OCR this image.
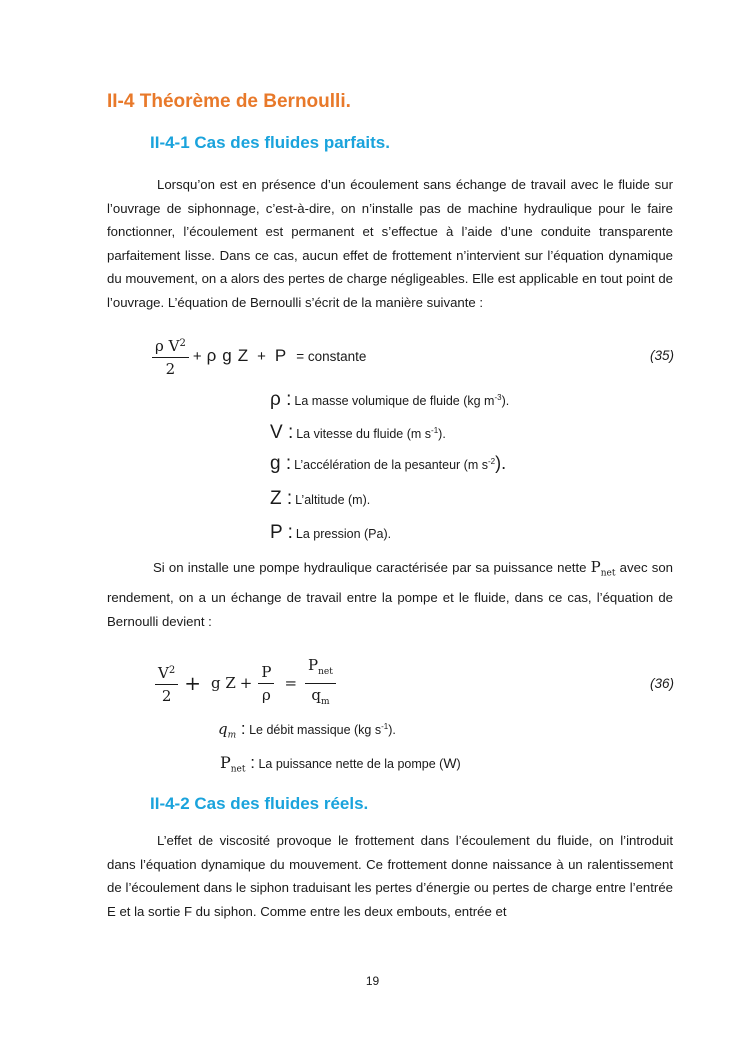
II-4 Théorème de Bernoulli.
II-4-1 Cas des fluides parfaits.
Lorsqu’on est en présence d’un écoulement sans échange de travail avec le fluide sur l’ouvrage de siphonnage, c’est-à-dire, on n’installe pas de machine hydraulique pour le faire fonctionner, l’écoulement est permanent et s’effectue à l’aide d’une conduite transparente parfaitement lisse. Dans ce cas, aucun effet de frottement n’intervient sur l’équation dynamique du mouvement, on a alors des pertes de charge négligeables. Elle est applicable en tout point de l’ouvrage. L’équation de Bernoulli s’écrit de la manière suivante :
$\frac{\rho V^2}{2} + \rho$ g Z + P = constante	(35)
ρ : La masse volumique de fluide (kg $m^{-3}$).
V : La vitesse du fluide (m $s^{-1}$).
g : L’accélération de la pesanteur (m $s^{-2}$).
Z : L’altitude (m).
P : La pression (Pa).
Si on installe une pompe hydraulique caractérisée par sa puissance nette $P_{net}$ avec son rendement, on a un échange de travail entre la pompe et le fluide, dans ce cas, l’équation de Bernoulli devient :
$\frac{V^2}{2} + g$ $Z + \frac{P}{\rho} = \frac{P_{net}}{q_m}$	(36)
$q_m$ : Le débit massique (kg $s^{-1}$).
$P_{net}$ : La puissance nette de la pompe (W)
II-4-2 Cas des fluides réels.
L’effet de viscosité provoque le frottement dans l’écoulement du fluide, on l’introduit dans l’équation dynamique du mouvement. Ce frottement donne naissance à un ralentissement de l’écoulement dans le siphon traduisant les pertes d’énergie ou pertes de charge entre l’entrée E et la sortie F du siphon. Comme entre les deux embouts, entrée et
19
